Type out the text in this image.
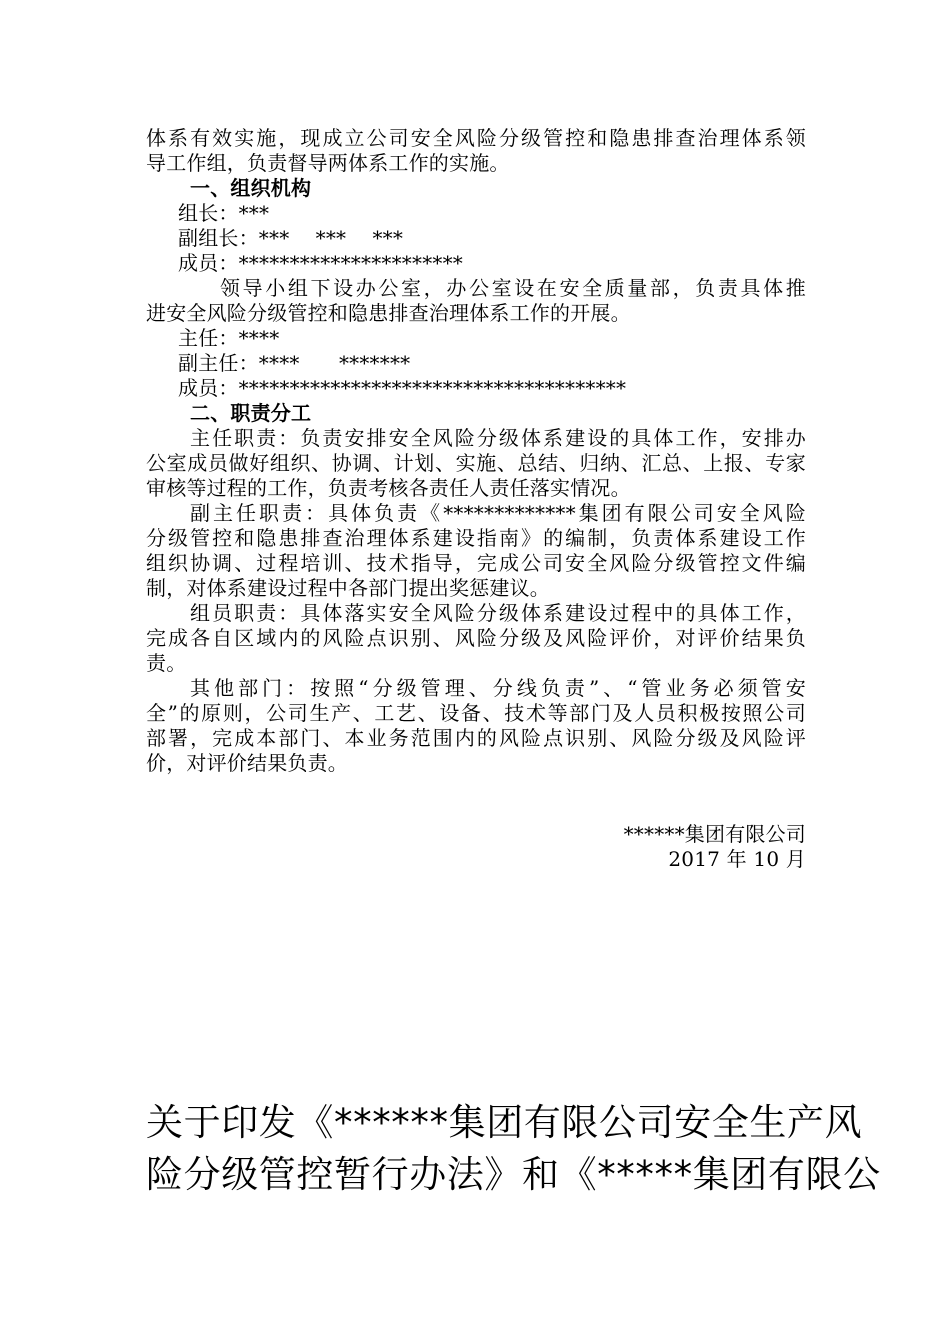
体系有效实施，现成立公司安全风险分级管控和隐患排查治理体系领
导工作组，负责督导两体系工作的实施。
一、组织机构
组长：***
副组长：***    ***    ***
成员：**********************
领导小组下设办公室，办公室设在安全质量部，负责具体推
进安全风险分级管控和隐患排查治理体系工作的开展。
主任：****
副主任：****      *******
成员：**************************************
二、职责分工
主任职责：负责安排安全风险分级体系建设的具体工作，安排办
公室成员做好组织、协调、计划、实施、总结、归纳、汇总、上报、专家
审核等过程的工作，负责考核各责任人责任落实情况。
副主任职责：具体负责《*************集团有限公司安全风险
分级管控和隐患排查治理体系建设指南》的编制，负责体系建设工作
组织协调、过程培训、技术指导，完成公司安全风险分级管控文件编
制，对体系建设过程中各部门提出奖惩建议。
组员职责：具体落实安全风险分级体系建设过程中的具体工作，
完成各自区域内的风险点识别、风险分级及风险评价，对评价结果负
责。
其他部门：按照“分级管理、分线负责”、“管业务必须管安
全”的原则，公司生产、工艺、设备、技术等部门及人员积极按照公司
部署，完成本部门、本业务范围内的风险点识别、风险分级及风险评
价，对评价结果负责。
******集团有限公司
2017 年 10 月
关于印发《******集团有限公司安全生产风
险分级管控暂行办法》和《*****集团有限公
